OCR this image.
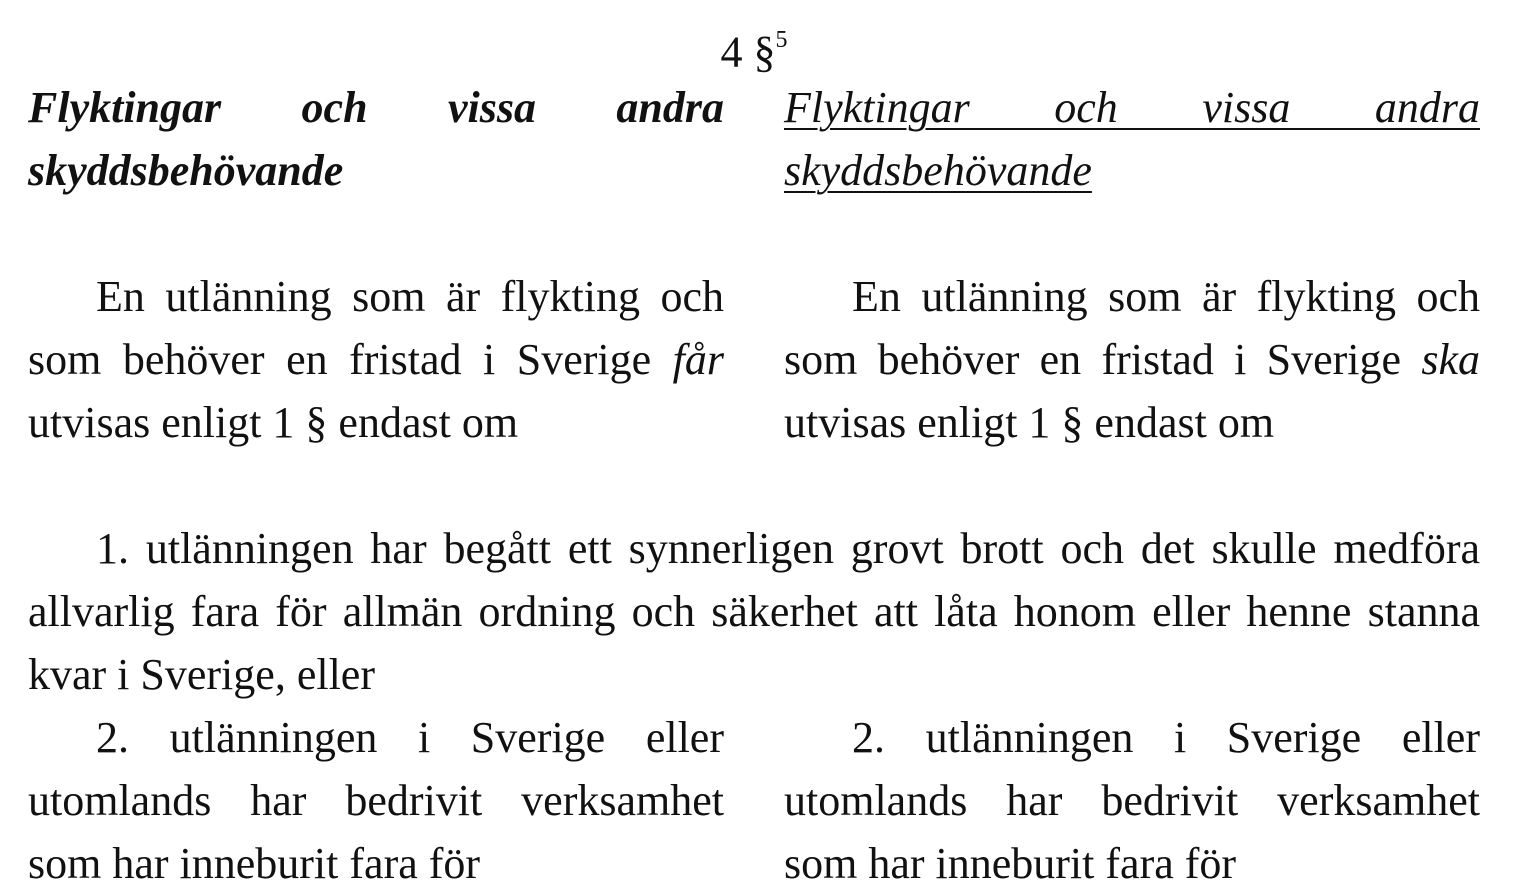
4 §$^5$

Flyktingar och vissa andra skyddsbehövande

Flyktingar och vissa andra skyddsbehövande

En utlänning som är flykting och som behöver en fristad i Sverige får utvisas enligt 1 § endast om

En utlänning som är flykting och som behöver en fristad i Sverige ska utvisas enligt 1 § endast om

1. utlänningen har begått ett synnerligen grovt brott och det skulle medföra allvarlig fara för allmän ordning och säkerhet att låta honom eller henne stanna kvar i Sverige, eller

2. utlänningen i Sverige eller utomlands har bedrivit verksamhet som har inneburit fara för

2. utlänningen i Sverige eller utomlands har bedrivit verksamhet som har inneburit fara för
